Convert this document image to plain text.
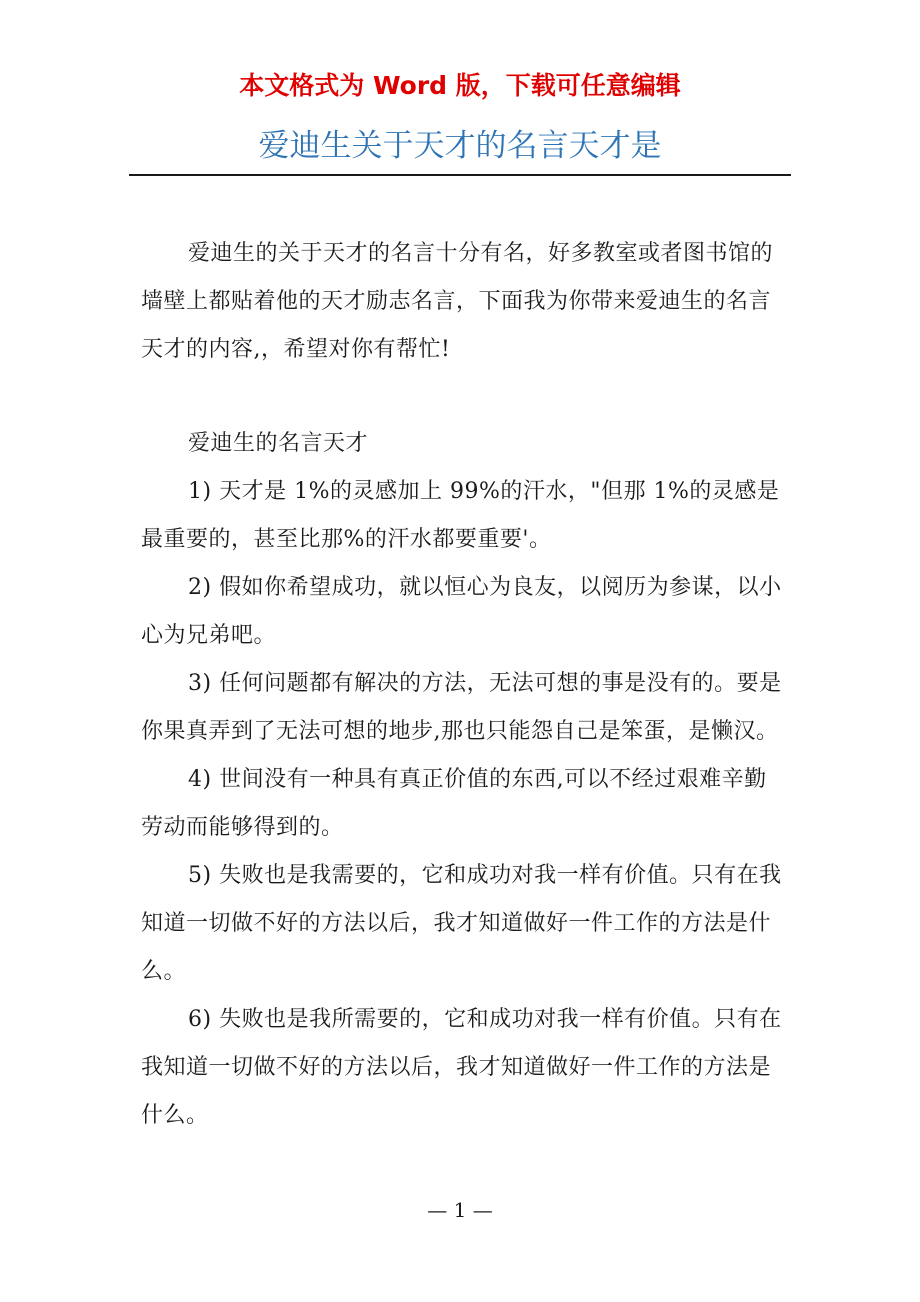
本文格式为 Word 版，下载可任意编辑
爱迪生关于天才的名言天才是

爱迪生的关于天才的名言十分有名，好多教室或者图书馆的墙壁上都贴着他的天才励志名言，下面我为你带来爱迪生的名言天才的内容,，希望对你有帮忙!

爱迪生的名言天才

1) 天才是 1%的灵感加上 99%的汗水，"但那 1%的灵感是最重要的，甚至比那%的汗水都要重要'。

2) 假如你希望成功，就以恒心为良友，以阅历为参谋，以小心为兄弟吧。

3) 任何问题都有解决的方法，无法可想的事是没有的。要是你果真弄到了无法可想的地步,那也只能怨自己是笨蛋，是懒汉。

4) 世间没有一种具有真正价值的东西,可以不经过艰难辛勤劳动而能够得到的。

5) 失败也是我需要的，它和成功对我一样有价值。只有在我知道一切做不好的方法以后，我才知道做好一件工作的方法是什么。

6) 失败也是我所需要的，它和成功对我一样有价值。只有在我知道一切做不好的方法以后，我才知道做好一件工作的方法是什么。

— 1 —
